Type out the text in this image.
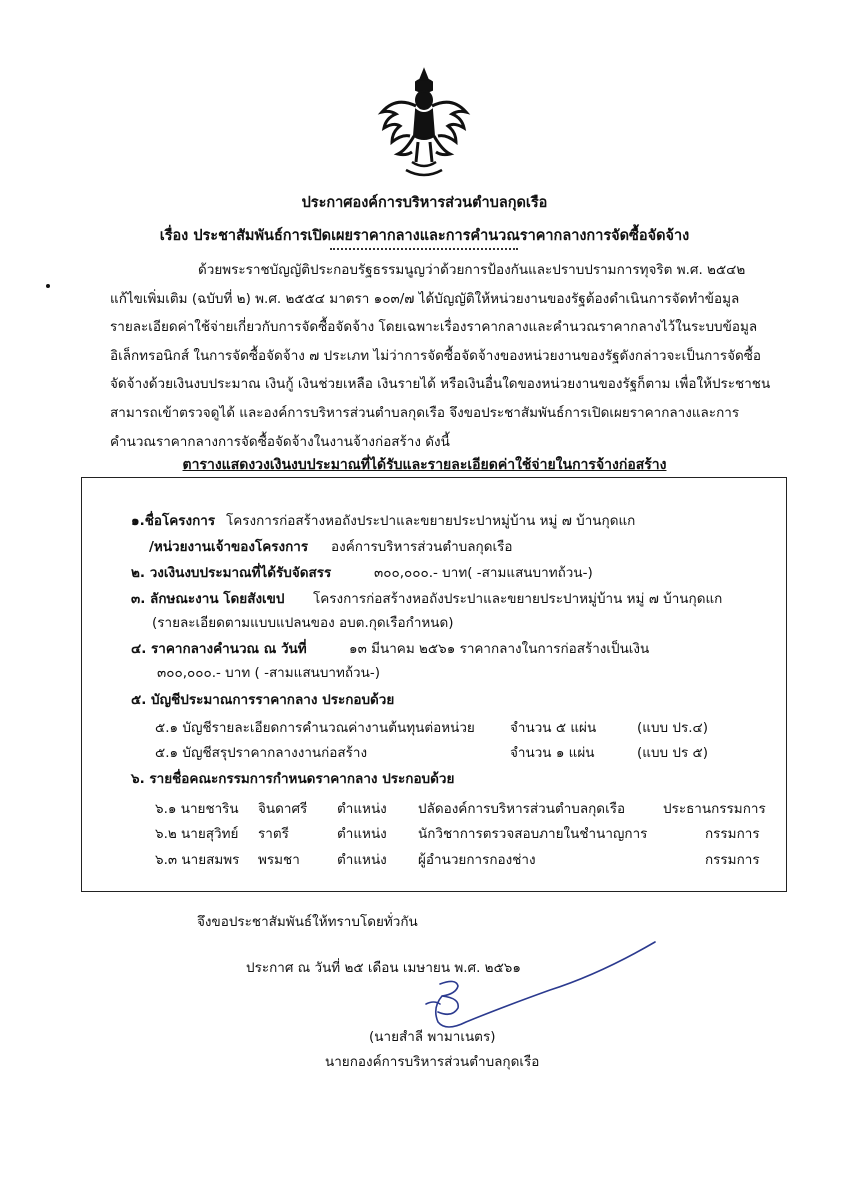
ประกาศองค์การบริหารส่วนตำบลกุดเรือ
เรื่อง ประชาสัมพันธ์การเปิดเผยราคากลางและการคำนวณราคากลางการจัดซื้อจัดจ้าง
ด้วยพระราชบัญญัติประกอบรัฐธรรมนูญว่าด้วยการป้องกันและปราบปรามการทุจริต พ.ศ. ๒๕๔๒
แก้ไขเพิ่มเติม (ฉบับที่ ๒) พ.ศ. ๒๕๕๔ มาตรา ๑๐๓/๗ ได้บัญญัติให้หน่วยงานของรัฐต้องดำเนินการจัดทำข้อมูล
รายละเอียดค่าใช้จ่ายเกี่ยวกับการจัดซื้อจัดจ้าง โดยเฉพาะเรื่องราคากลางและคำนวณราคากลางไว้ในระบบข้อมูล
อิเล็กทรอนิกส์ ในการจัดซื้อจัดจ้าง ๗ ประเภท ไม่ว่าการจัดซื้อจัดจ้างของหน่วยงานของรัฐดังกล่าวจะเป็นการจัดซื้อ
จัดจ้างด้วยเงินงบประมาณ เงินกู้ เงินช่วยเหลือ เงินรายได้ หรือเงินอื่นใดของหน่วยงานของรัฐก็ตาม เพื่อให้ประชาชน
สามารถเข้าตรวจดูได้ และองค์การบริหารส่วนตำบลกุดเรือ จึงขอประชาสัมพันธ์การเปิดเผยราคากลางและการ
คำนวณราคากลางการจัดซื้อจัดจ้างในงานจ้างก่อสร้าง ดังนี้
ตารางแสดงวงเงินงบประมาณที่ได้รับและรายละเอียดค่าใช้จ่ายในการจ้างก่อสร้าง
๑.ชื่อโครงการ โครงการก่อสร้างหอถังประปาและขยายประปาหมู่บ้าน หมู่ ๗ บ้านกุดแก
/หน่วยงานเจ้าของโครงการ องค์การบริหารส่วนตำบลกุดเรือ
๒. วงเงินงบประมาณที่ได้รับจัดสรร	๓๐๐,๐๐๐.- บาท( -สามแสนบาทถ้วน-)
๓. ลักษณะงาน โดยสังเขป โครงการก่อสร้างหอถังประปาและขยายประปาหมู่บ้าน หมู่ ๗ บ้านกุดแก
(รายละเอียดตามแบบแปลนของ อบต.กุดเรือกำหนด)
๔. ราคากลางคำนวณ ณ วันที่	๑๓ มีนาคม ๒๕๖๑ ราคากลางในการก่อสร้างเป็นเงิน
๓๐๐,๐๐๐.- บาท ( -สามแสนบาทถ้วน-)
๕. บัญชีประมาณการราคากลาง ประกอบด้วย
๕.๑ บัญชีรายละเอียดการคำนวณค่างานต้นทุนต่อหน่วย	จำนวน ๕ แผ่น	(แบบ ปร.๔)
๕.๑ บัญชีสรุปราคากลางงานก่อสร้าง	จำนวน ๑ แผ่น	(แบบ ปร ๕)
๖. รายชื่อคณะกรรมการกำหนดราคากลาง ประกอบด้วย
๖.๑ นายชาริน จินดาศรี ตำแหน่ง ปลัดองค์การบริหารส่วนตำบลกุดเรือ	ประธานกรรมการ
๖.๒ นายสุวิทย์ ราตรี	ตำแหน่ง นักวิชาการตรวจสอบภายในชำนาญการ	กรรมการ
๖.๓ นายสมพร พรมชา	ตำแหน่ง ผู้อำนวยการกองช่าง	กรรมการ
จึงขอประชาสัมพันธ์ให้ทราบโดยทั่วกัน
ประกาศ ณ วันที่ ๒๕ เดือน เมษายน พ.ศ. ๒๕๖๑
(นายสำลี พามาเนตร)
นายกองค์การบริหารส่วนตำบลกุดเรือ
